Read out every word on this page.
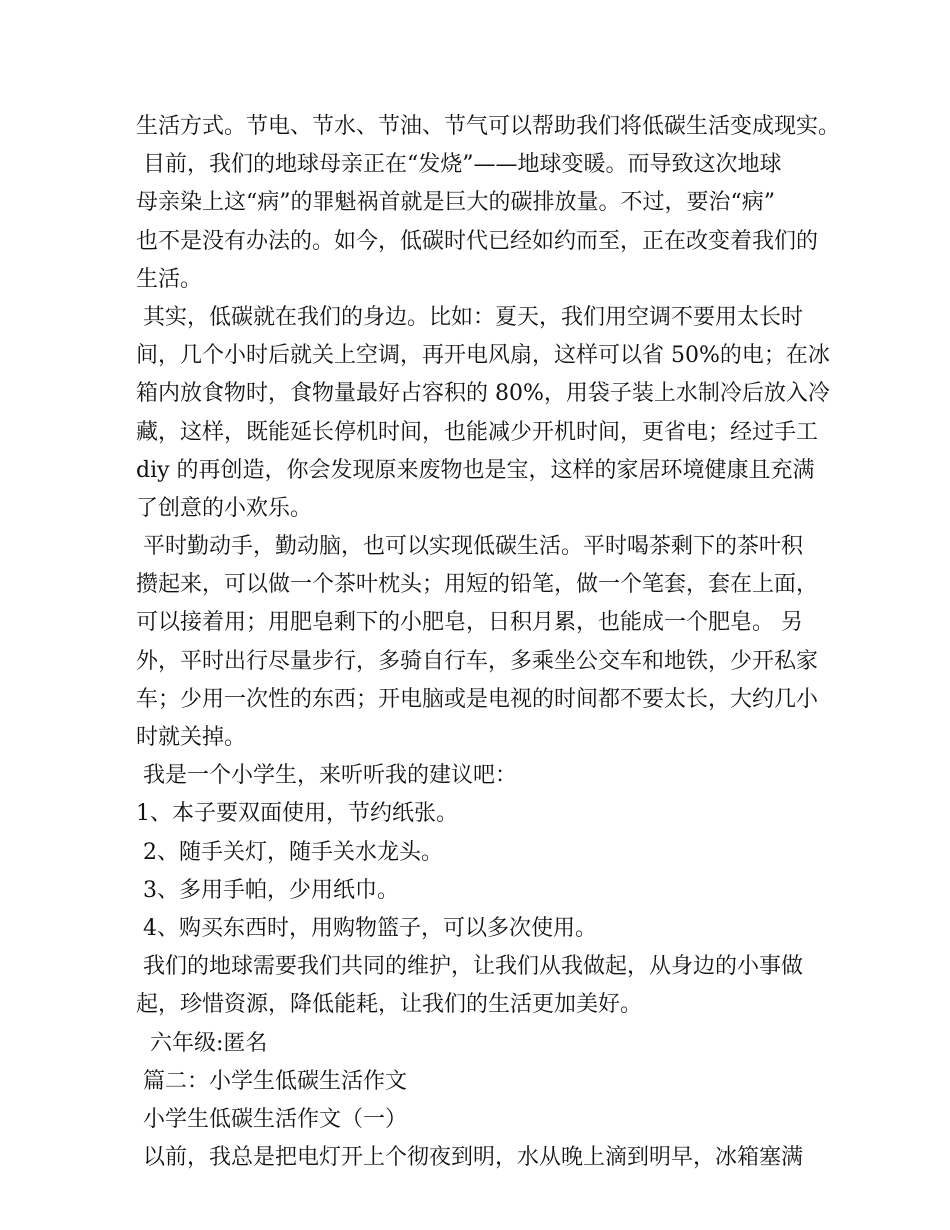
生活方式。节电、节水、节油、节气可以帮助我们将低碳生活变成现实。
目前，我们的地球母亲正在“发烧”——地球变暖。而导致这次地球
母亲染上这“病”的罪魁祸首就是巨大的碳排放量。不过，要治“病”
也不是没有办法的。如今，低碳时代已经如约而至，正在改变着我们的
生活。
其实，低碳就在我们的身边。比如：夏天，我们用空调不要用太长时
间，几个小时后就关上空调，再开电风扇，这样可以省 50%的电；在冰
箱内放食物时，食物量最好占容积的 80%，用袋子装上水制冷后放入冷
藏，这样，既能延长停机时间，也能减少开机时间，更省电；经过手工
diy 的再创造，你会发现原来废物也是宝，这样的家居环境健康且充满
了创意的小欢乐。
平时勤动手，勤动脑，也可以实现低碳生活。平时喝茶剩下的茶叶积
攒起来，可以做一个茶叶枕头；用短的铅笔，做一个笔套，套在上面，
可以接着用；用肥皂剩下的小肥皂，日积月累，也能成一个肥皂。 另
外，平时出行尽量步行，多骑自行车，多乘坐公交车和地铁，少开私家
车；少用一次性的东西；开电脑或是电视的时间都不要太长，大约几小
时就关掉。
我是一个小学生，来听听我的建议吧：
1、本子要双面使用，节约纸张。
2、随手关灯，随手关水龙头。
3、多用手帕，少用纸巾。
4、购买东西时，用购物篮子，可以多次使用。
我们的地球需要我们共同的维护，让我们从我做起，从身边的小事做
起，珍惜资源，降低能耗，让我们的生活更加美好。
六年级:匿名
篇二：小学生低碳生活作文
小学生低碳生活作文（一）
以前，我总是把电灯开上个彻夜到明，水从晚上滴到明早，冰箱塞满
